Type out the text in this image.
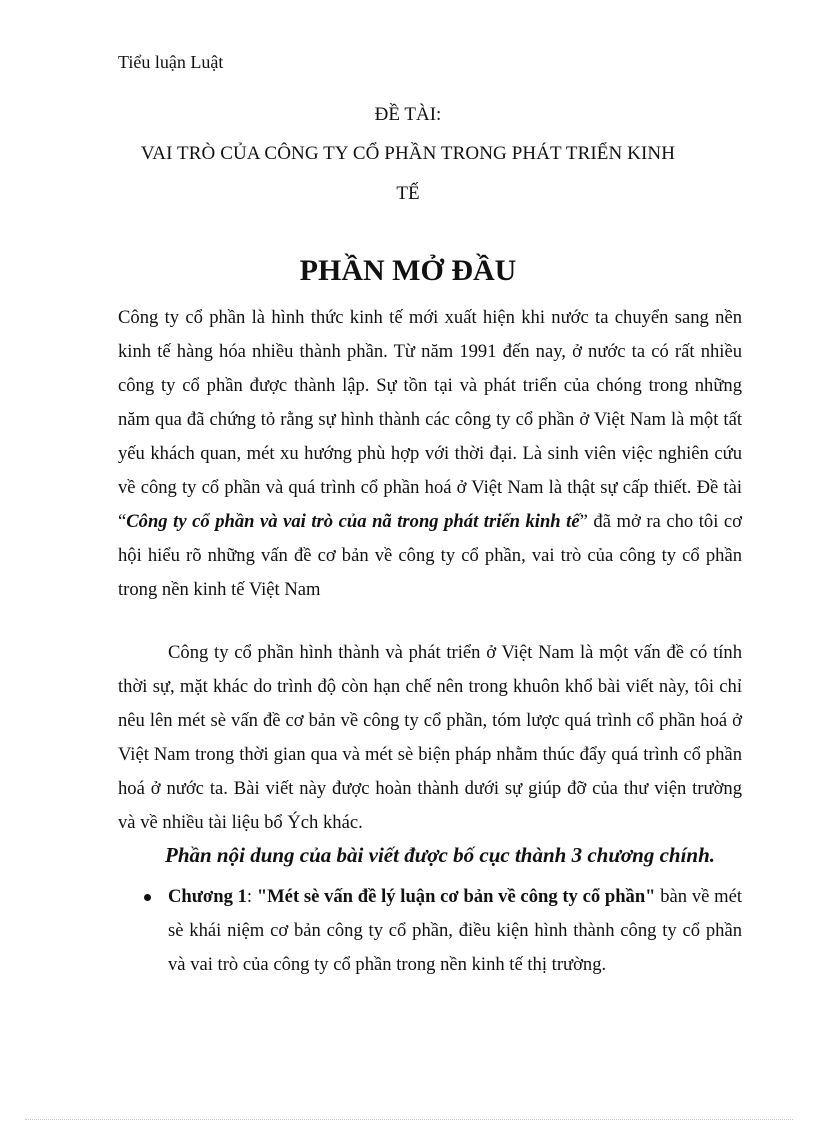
Tiểu luận Luật
ĐỀ TÀI:
VAI TRÒ CỦA CÔNG TY CỔ PHẦN TRONG PHÁT TRIỂN KINH
TẾ
PHẦN MỞ ĐẦU

Công ty cổ phần là hình thức kinh tế mới xuất hiện khi nước ta chuyển sang nền kinh tế hàng hóa nhiều thành phần. Từ năm 1991 đến nay, ở nước ta có rất nhiều công ty cổ phần được thành lập. Sự tồn tại và phát triển của chóng trong những năm qua đã chứng tỏ rằng sự hình thành các công ty cổ phần ở Việt Nam là một tất yếu khách quan, mét xu hướng phù hợp với thời đại. Là sinh viên việc nghiên cứu về công ty cổ phần và quá trình cổ phần hoá ở Việt Nam là thật sự cấp thiết. Đề tài “Công ty cổ phần và vai trò của nã trong phát triển kinh tế” đã mở ra cho tôi cơ hội hiểu rõ những vấn đề cơ bản về công ty cổ phần, vai trò của công ty cổ phần trong nền kinh tế Việt Nam

Công ty cổ phần hình thành và phát triển ở Việt Nam là một vấn đề có tính thời sự, mặt khác do trình độ còn hạn chế nên trong khuôn khổ bài viết này, tôi chỉ nêu lên mét sè vấn đề cơ bản về công ty cổ phần, tóm lược quá trình cổ phần hoá ở Việt Nam trong thời gian qua và mét sè biện pháp nhằm thúc đẩy quá trình cổ phần hoá ở nước ta. Bài viết này được hoàn thành dưới sự giúp đỡ của thư viện trường và về nhiều tài liệu bổ Ých khác.

Phần nội dung của bài viết được bố cục thành 3 chương chính.
Chương 1: "Mét sè vấn đề lý luận cơ bản về công ty cổ phần" bàn về mét sè khái niệm cơ bản công ty cổ phần, điều kiện hình thành công ty cổ phần và vai trò của công ty cổ phần trong nền kinh tế thị trường.
